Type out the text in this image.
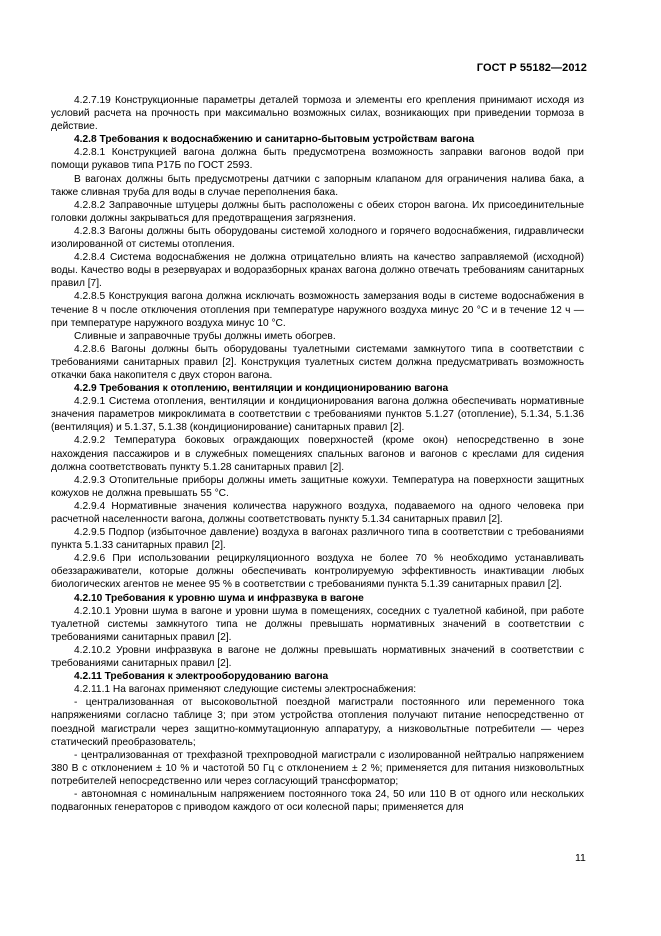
ГОСТ Р 55182—2012

4.2.7.19 Конструкционные параметры деталей тормоза и элементы его крепления принимают исходя из условий расчета на прочность при максимально возможных силах, возникающих при приведении тормоза в действие.

4.2.8 Требования к водоснабжению и санитарно-бытовым устройствам вагона

4.2.8.1 Конструкцией вагона должна быть предусмотрена возможность заправки вагонов водой при помощи рукавов типа Р17Б по ГОСТ 2593.

В вагонах должны быть предусмотрены датчики с запорным клапаном для ограничения налива бака, а также сливная труба для воды в случае переполнения бака.

4.2.8.2 Заправочные штуцеры должны быть расположены с обеих сторон вагона. Их присоединительные головки должны закрываться для предотвращения загрязнения.

4.2.8.3 Вагоны должны быть оборудованы системой холодного и горячего водоснабжения, гидравлически изолированной от системы отопления.

4.2.8.4 Система водоснабжения не должна отрицательно влиять на качество заправляемой (исходной) воды. Качество воды в резервуарах и водоразборных кранах вагона должно отвечать требованиям санитарных правил [7].

4.2.8.5 Конструкция вагона должна исключать возможность замерзания воды в системе водоснабжения в течение 8 ч после отключения отопления при температуре наружного воздуха минус 20 °С и в течение 12 ч — при температуре наружного воздуха минус 10 °С.

Сливные и заправочные трубы должны иметь обогрев.

4.2.8.6 Вагоны должны быть оборудованы туалетными системами замкнутого типа в соответствии с требованиями санитарных правил [2]. Конструкция туалетных систем должна предусматривать возможность откачки бака накопителя с двух сторон вагона.

4.2.9 Требования к отоплению, вентиляции и кондиционированию вагона

4.2.9.1 Система отопления, вентиляции и кондиционирования вагона должна обеспечивать нормативные значения параметров микроклимата в соответствии с требованиями пунктов 5.1.27 (отопление), 5.1.34, 5.1.36 (вентиляция) и 5.1.37, 5.1.38 (кондиционирование) санитарных правил [2].

4.2.9.2 Температура боковых ограждающих поверхностей (кроме окон) непосредственно в зоне нахождения пассажиров и в служебных помещениях спальных вагонов и вагонов с креслами для сидения должна соответствовать пункту 5.1.28 санитарных правил [2].

4.2.9.3 Отопительные приборы должны иметь защитные кожухи. Температура на поверхности защитных кожухов не должна превышать 55 °С.

4.2.9.4 Нормативные значения количества наружного воздуха, подаваемого на одного человека при расчетной населенности вагона, должны соответствовать пункту 5.1.34 санитарных правил [2].

4.2.9.5 Подпор (избыточное давление) воздуха в вагонах различного типа в соответствии с требованиями пункта 5.1.33 санитарных правил [2].

4.2.9.6 При использовании рециркуляционного воздуха не более 70 % необходимо устанавливать обеззараживатели, которые должны обеспечивать контролируемую эффективность инактивации любых биологических агентов не менее 95 % в соответствии с требованиями пункта 5.1.39 санитарных правил [2].

4.2.10 Требования к уровню шума и инфразвука в вагоне

4.2.10.1 Уровни шума в вагоне и уровни шума в помещениях, соседних с туалетной кабиной, при работе туалетной системы замкнутого типа не должны превышать нормативных значений в соответствии с требованиями санитарных правил [2].

4.2.10.2 Уровни инфразвука в вагоне не должны превышать нормативных значений в соответствии с требованиями санитарных правил [2].

4.2.11 Требования к электрооборудованию вагона

4.2.11.1 На вагонах применяют следующие системы электроснабжения:

- централизованная от высоковольтной поездной магистрали постоянного или переменного тока напряжениями согласно таблице 3; при этом устройства отопления получают питание непосредственно от поездной магистрали через защитно-коммутационную аппаратуру, а низковольтные потребители — через статический преобразователь;

- централизованная от трехфазной трехпроводной магистрали с изолированной нейтралью напряжением 380 В с отклонением ± 10 % и частотой 50 Гц с отклонением ± 2 %; применяется для питания низковольтных потребителей непосредственно или через согласующий трансформатор;

- автономная с номинальным напряжением постоянного тока 24, 50 или 110 В от одного или нескольких подвагонных генераторов с приводом каждого от оси колесной пары; применяется для

11
